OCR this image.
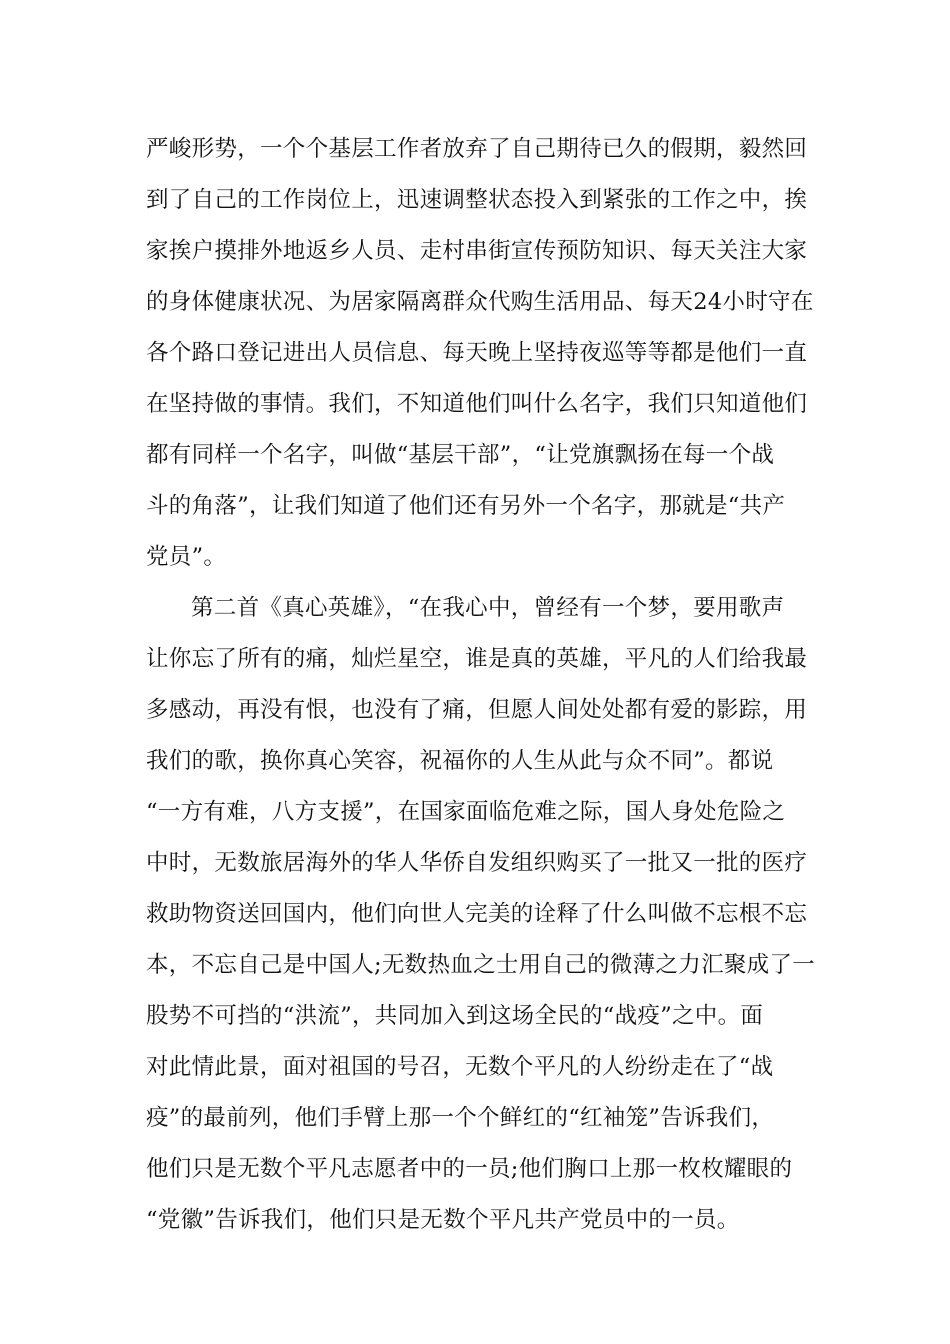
严峻形势，一个个基层工作者放弃了自己期待已久的假期，毅然回
到了自己的工作岗位上，迅速调整状态投入到紧张的工作之中，挨
家挨户摸排外地返乡人员、走村串街宣传预防知识、每天关注大家
的身体健康状况、为居家隔离群众代购生活用品、每天24小时守在
各个路口登记进出人员信息、每天晚上坚持夜巡等等都是他们一直
在坚持做的事情。我们，不知道他们叫什么名字，我们只知道他们
都有同样一个名字，叫做“基层干部”，“让党旗飘扬在每一个战
斗的角落”，让我们知道了他们还有另外一个名字，那就是“共产
党员”。
第二首《真心英雄》，“在我心中，曾经有一个梦，要用歌声
让你忘了所有的痛，灿烂星空，谁是真的英雄，平凡的人们给我最
多感动，再没有恨，也没有了痛，但愿人间处处都有爱的影踪，用
我们的歌，换你真心笑容，祝福你的人生从此与众不同”。都说
“一方有难，八方支援”，在国家面临危难之际，国人身处危险之
中时，无数旅居海外的华人华侨自发组织购买了一批又一批的医疗
救助物资送回国内，他们向世人完美的诠释了什么叫做不忘根不忘
本，不忘自己是中国人;无数热血之士用自己的微薄之力汇聚成了一
股势不可挡的“洪流”，共同加入到这场全民的“战疫”之中。面
对此情此景，面对祖国的号召，无数个平凡的人纷纷走在了“战
疫”的最前列，他们手臂上那一个个鲜红的“红袖笼”告诉我们，
他们只是无数个平凡志愿者中的一员;他们胸口上那一枚枚耀眼的
“党徽”告诉我们，他们只是无数个平凡共产党员中的一员。
